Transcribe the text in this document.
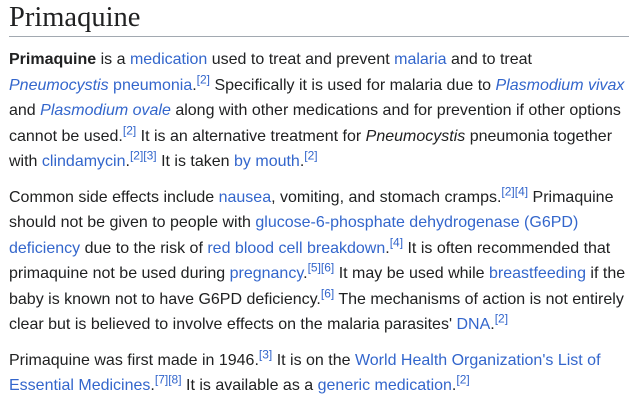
Primaquine

Primaquine is a medication used to treat and prevent malaria and to treat Pneumocystis pneumonia.[2] Specifically it is used for malaria due to Plasmodium vivax and Plasmodium ovale along with other medications and for prevention if other options cannot be used.[2] It is an alternative treatment for Pneumocystis pneumonia together with clindamycin.[2][3] It is taken by mouth.[2]

Common side effects include nausea, vomiting, and stomach cramps.[2][4] Primaquine should not be given to people with glucose-6-phosphate dehydrogenase (G6PD) deficiency due to the risk of red blood cell breakdown.[4] It is often recommended that primaquine not be used during pregnancy.[5][6] It may be used while breastfeeding if the baby is known not to have G6PD deficiency.[6] The mechanisms of action is not entirely clear but is believed to involve effects on the malaria parasites' DNA.[2]

Primaquine was first made in 1946.[3] It is on the World Health Organization's List of Essential Medicines.[7][8] It is available as a generic medication.[2]
